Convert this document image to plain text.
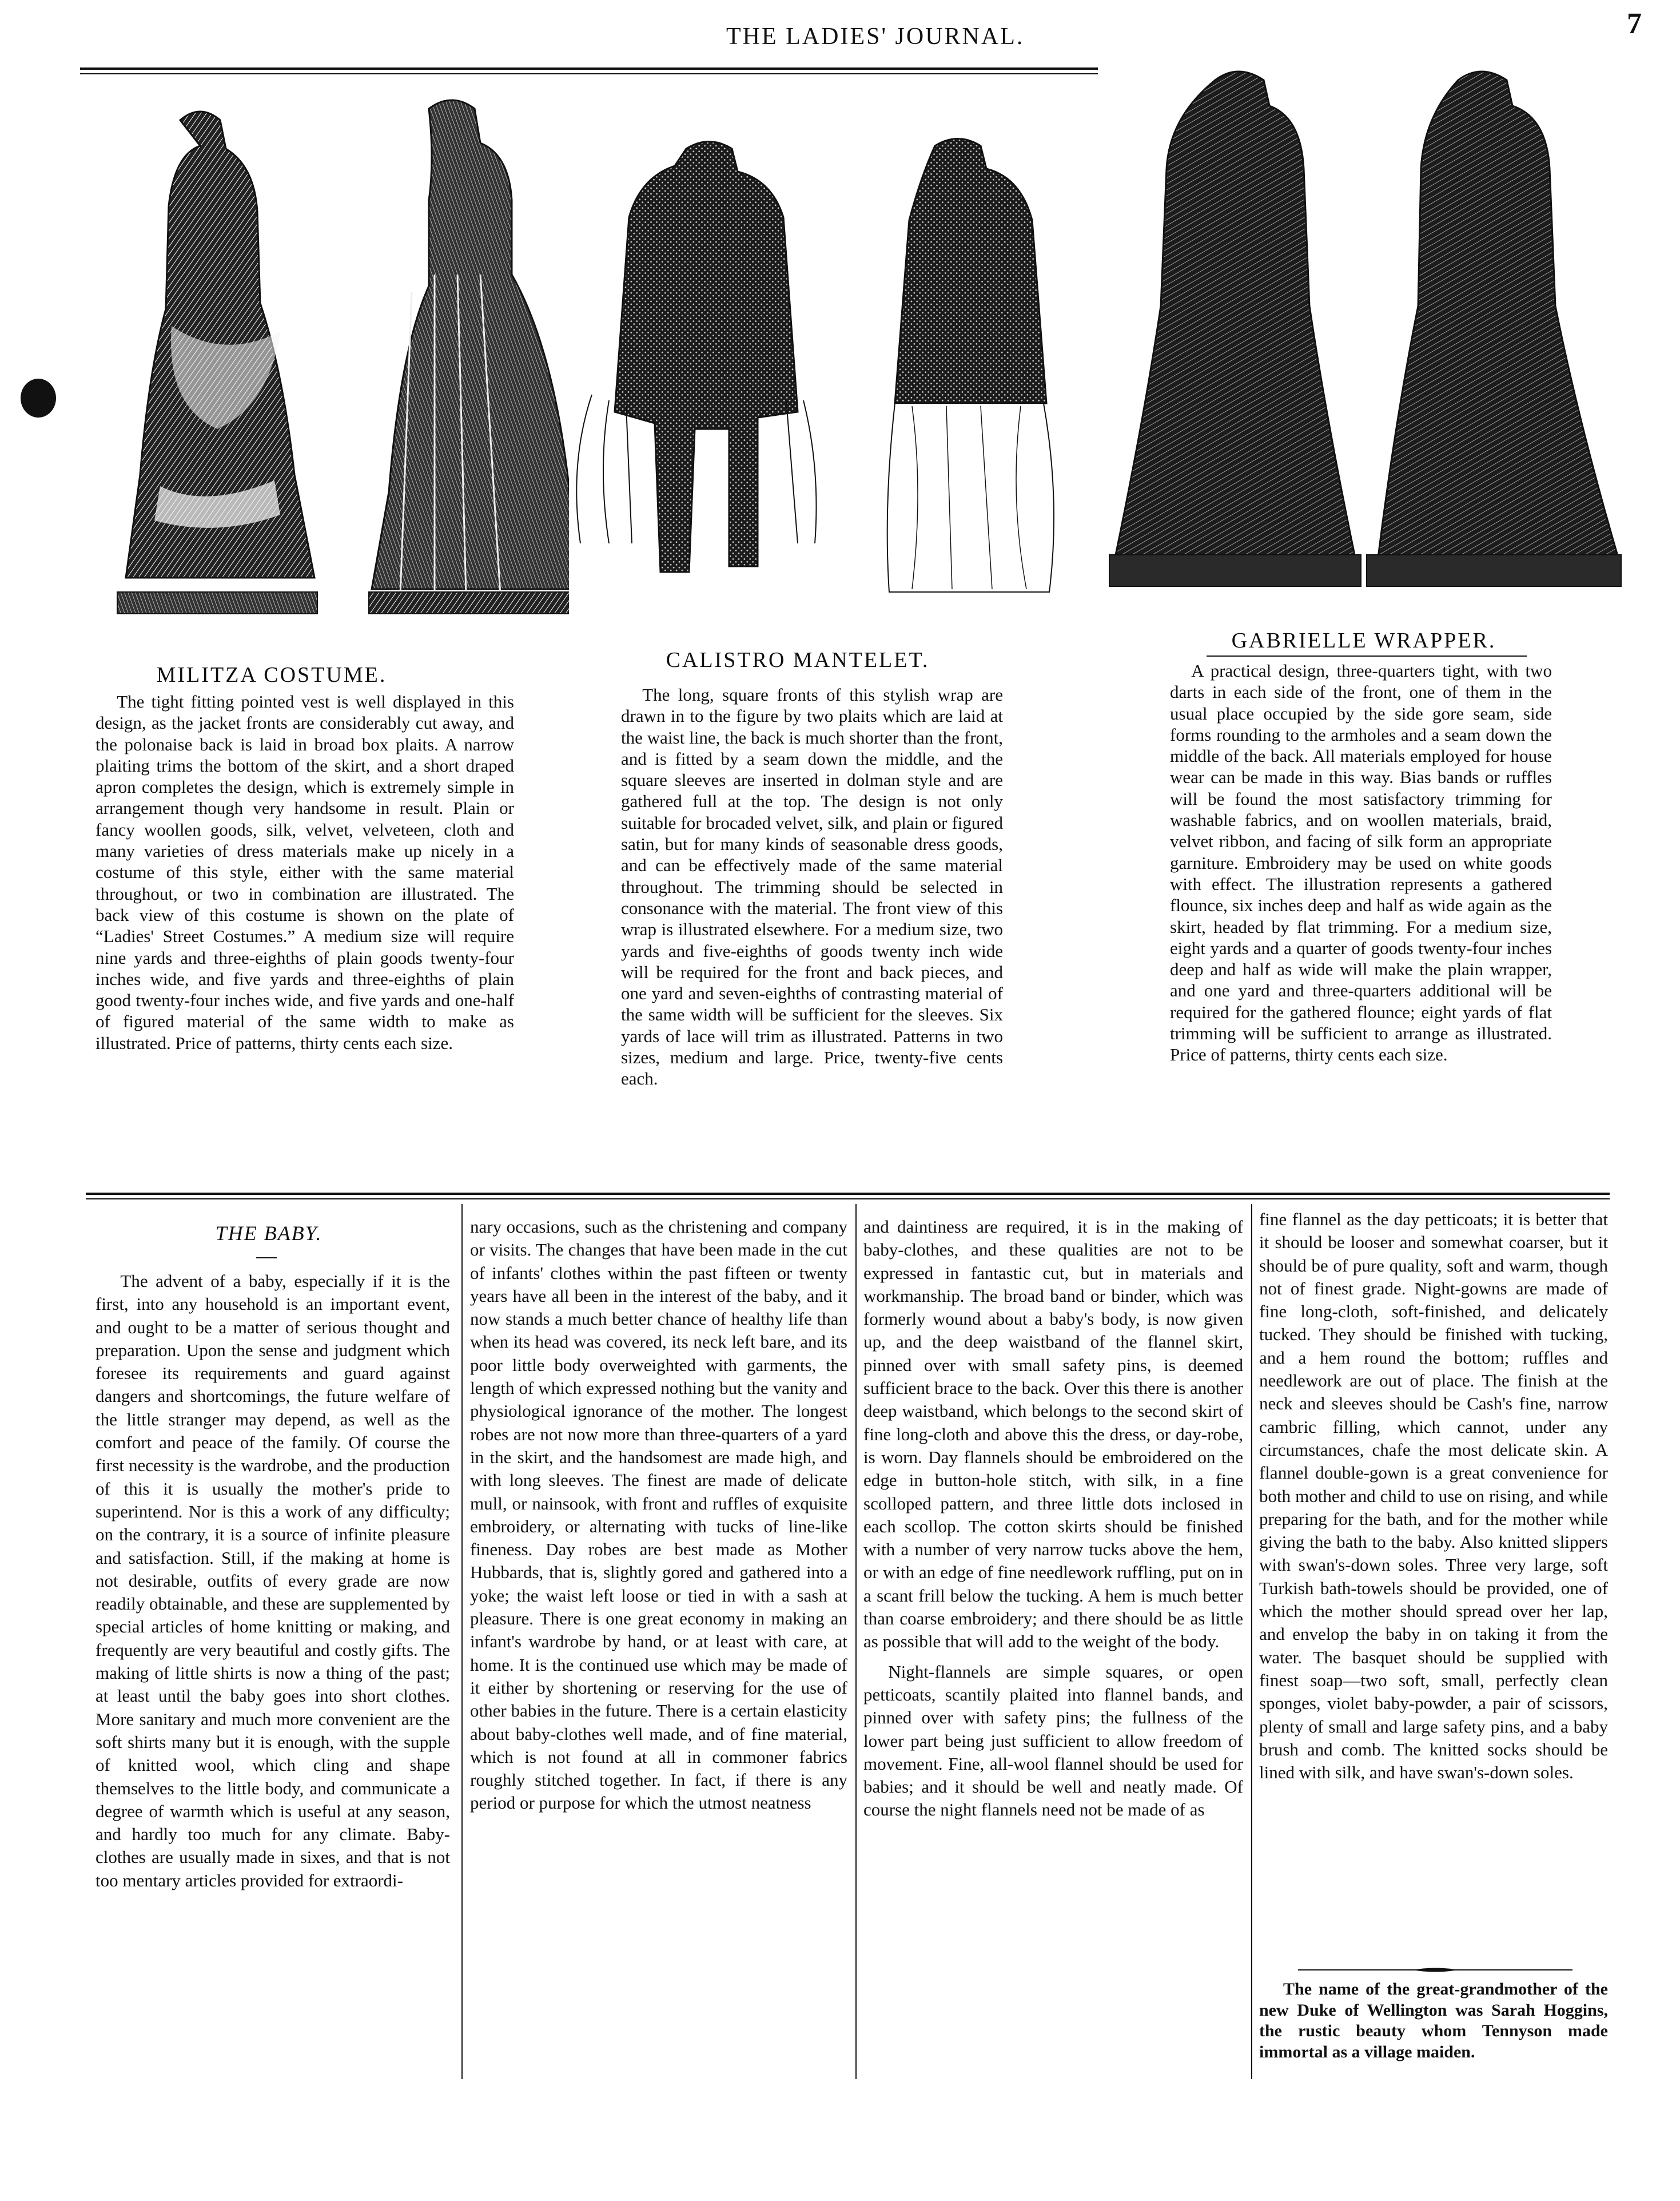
THE LADIES' JOURNAL.	7
MILITZA COSTUME.
CALISTRO MANTELET.
GABRIELLE WRAPPER.

The tight fitting pointed vest is well displayed in this design, as the jacket fronts are considerably cut away, and the polonaise back is laid in broad box plaits. A narrow plaiting trims the bottom of the skirt, and a short draped apron completes the design, which is extremely simple in arrangement though very handsome in result. Plain or fancy woollen goods, silk, velvet, velveteen, cloth and many varieties of dress materials make up nicely in a costume of this style, either with the same material throughout, or two in combination are illustrated. The back view of this costume is shown on the plate of “Ladies' Street Costumes.” A medium size will require nine yards and three-eighths of plain goods twenty-four inches wide, and five yards and three-eighths of plain good twenty-four inches wide, and five yards and one-half of figured material of the same width to make as illustrated. Price of patterns, thirty cents each size.

The long, square fronts of this stylish wrap are drawn in to the figure by two plaits which are laid at the waist line, the back is much shorter than the front, and is fitted by a seam down the middle, and the square sleeves are inserted in dolman style and are gathered full at the top. The design is not only suitable for brocaded velvet, silk, and plain or figured satin, but for many kinds of seasonable dress goods, and can be effectively made of the same material throughout. The trimming should be selected in consonance with the material. The front view of this wrap is illustrated elsewhere. For a medium size, two yards and five-eighths of goods twenty inch wide will be required for the front and back pieces, and one yard and seven-eighths of contrasting material of the same width will be sufficient for the sleeves. Six yards of lace will trim as illustrated. Patterns in two sizes, medium and large. Price, twenty-five cents each.

A practical design, three-quarters tight, with two darts in each side of the front, one of them in the usual place occupied by the side gore seam, side forms rounding to the armholes and a seam down the middle of the back. All materials employed for house wear can be made in this way. Bias bands or ruffles will be found the most satisfactory trimming for washable fabrics, and on woollen materials, braid, velvet ribbon, and facing of silk form an appropriate garniture. Embroidery may be used on white goods with effect. The illustration represents a gathered flounce, six inches deep and half as wide again as the skirt, headed by flat trimming. For a medium size, eight yards and a quarter of goods twenty-four inches deep and half as wide will make the plain wrapper, and one yard and three-quarters additional will be required for the gathered flounce; eight yards of flat trimming will be sufficient to arrange as illustrated. Price of patterns, thirty cents each size.

THE BABY.

The advent of a baby, especially if it is the first, into any household is an important event, and ought to be a matter of serious thought and preparation. Upon the sense and judgment which foresee its requirements and guard against dangers and shortcomings, the future welfare of the little stranger may depend, as well as the comfort and peace of the family. Of course the first necessity is the wardrobe, and the production of this it is usually the mother's pride to superintend. Nor is this a work of any difficulty; on the contrary, it is a source of infinite pleasure and satisfaction. Still, if the making at home is not desirable, outfits of every grade are now readily obtainable, and these are supplemented by special articles of home knitting or making, and frequently are very beautiful and costly gifts. The making of little shirts is now a thing of the past; at least until the baby goes into short clothes. More sanitary and much more convenient are the soft shirts many but it is enough, with the supple of knitted wool, which cling and shape themselves to the little body, and communicate a degree of warmth which is useful at any season, and hardly too much for any climate. Baby-clothes are usually made in sixes, and that is not too mentary articles provided for extraordi-

nary occasions, such as the christening and company or visits. The changes that have been made in the cut of infants' clothes within the past fifteen or twenty years have all been in the interest of the baby, and it now stands a much better chance of healthy life than when its head was covered, its neck left bare, and its poor little body overweighted with garments, the length of which expressed nothing but the vanity and physiological ignorance of the mother. The longest robes are not now more than three-quarters of a yard in the skirt, and the handsomest are made high, and with long sleeves. The finest are made of delicate mull, or nainsook, with front and ruffles of exquisite embroidery, or alternating with tucks of line-like fineness. Day robes are best made as Mother Hubbards, that is, slightly gored and gathered into a yoke; the waist left loose or tied in with a sash at pleasure. There is one great economy in making an infant's wardrobe by hand, or at least with care, at home. It is the continued use which may be made of it either by shortening or reserving for the use of other babies in the future. There is a certain elasticity about baby-clothes well made, and of fine material, which is not found at all in commoner fabrics roughly stitched together. In fact, if there is any period or purpose for which the utmost neatness

and daintiness are required, it is in the making of baby-clothes, and these qualities are not to be expressed in fantastic cut, but in materials and workmanship. The broad band or binder, which was formerly wound about a baby's body, is now given up, and the deep waistband of the flannel skirt, pinned over with small safety pins, is deemed sufficient brace to the back. Over this there is another deep waistband, which belongs to the second skirt of fine long-cloth and above this the dress, or day-robe, is worn. Day flannels should be embroidered on the edge in button-hole stitch, with silk, in a fine scolloped pattern, and three little dots inclosed in each scollop. The cotton skirts should be finished with a number of very narrow tucks above the hem, or with an edge of fine needlework ruffling, put on in a scant frill below the tucking. A hem is much better than coarse embroidery; and there should be as little as possible that will add to the weight of the body.

Night-flannels are simple squares, or open petticoats, scantily plaited into flannel bands, and pinned over with safety pins; the fullness of the lower part being just sufficient to allow freedom of movement. Fine, all-wool flannel should be used for babies; and it should be well and neatly made. Of course the night flannels need not be made of as

fine flannel as the day petticoats; it is better that it should be looser and somewhat coarser, but it should be of pure quality, soft and warm, though not of finest grade. Night-gowns are made of fine long-cloth, soft-finished, and delicately tucked. They should be finished with tucking, and a hem round the bottom; ruffles and needlework are out of place. The finish at the neck and sleeves should be Cash's fine, narrow cambric filling, which cannot, under any circumstances, chafe the most delicate skin. A flannel double-gown is a great convenience for both mother and child to use on rising, and while preparing for the bath, and for the mother while giving the bath to the baby. Also knitted slippers with swan's-down soles. Three very large, soft Turkish bath-towels should be provided, one of which the mother should spread over her lap, and envelop the baby in on taking it from the water. The basquet should be supplied with finest soap—two soft, small, perfectly clean sponges, violet baby-powder, a pair of scissors, plenty of small and large safety pins, and a baby brush and comb. The knitted socks should be lined with silk, and have swan's-down soles.

The name of the great-grandmother of the new Duke of Wellington was Sarah Hoggins, the rustic beauty whom Tennyson made immortal as a village maiden.
